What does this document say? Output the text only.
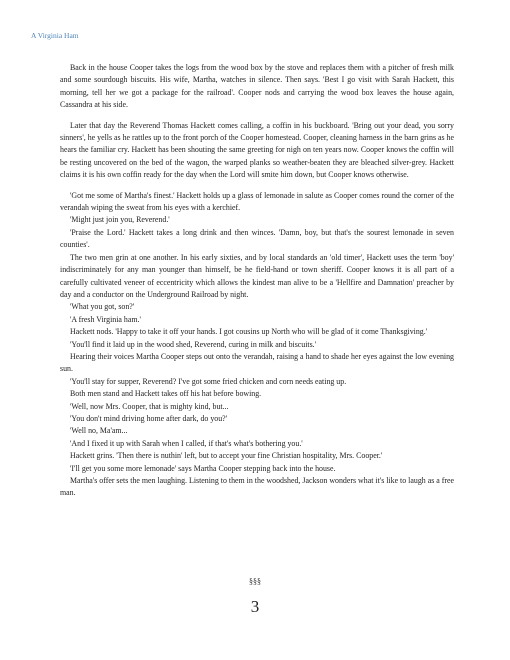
A Virginia Ham

Back in the house Cooper takes the logs from the wood box by the stove and replaces them with a pitcher of fresh milk and some sourdough biscuits. His wife, Martha, watches in silence. Then says. 'Best I go visit with Sarah Hackett, this morning, tell her we got a package for the railroad'. Cooper nods and carrying the wood box leaves the house again, Cassandra at his side.

Later that day the Reverend Thomas Hackett comes calling, a coffin in his buckboard. 'Bring out your dead, you sorry sinners', he yells as he rattles up to the front porch of the Cooper homestead. Cooper, cleaning harness in the barn grins as he hears the familiar cry. Hackett has been shouting the same greeting for nigh on ten years now. Cooper knows the coffin will be resting uncovered on the bed of the wagon, the warped planks so weather-beaten they are bleached silver-grey. Hackett claims it is his own coffin ready for the day when the Lord will smite him down, but Cooper knows otherwise.

'Got me some of Martha's finest.' Hackett holds up a glass of lemonade in salute as Cooper comes round the corner of the verandah wiping the sweat from his eyes with a kerchief.

'Might just join you, Reverend.'

'Praise the Lord.' Hackett takes a long drink and then winces. 'Damn, boy, but that's the sourest lemonade in seven counties'.

The two men grin at one another. In his early sixties, and by local standards an 'old timer', Hackett uses the term 'boy' indiscriminately for any man younger than himself, be he field-hand or town sheriff. Cooper knows it is all part of a carefully cultivated veneer of eccentricity which allows the kindest man alive to be a 'Hellfire and Damnation' preacher by day and a conductor on the Underground Railroad by night.

'What you got, son?'

'A fresh Virginia ham.'

Hackett nods. 'Happy to take it off your hands. I got cousins up North who will be glad of it come Thanksgiving.'

'You'll find it laid up in the wood shed, Reverend, curing in milk and biscuits.'

Hearing their voices Martha Cooper steps out onto the verandah, raising a hand to shade her eyes against the low evening sun.

'You'll stay for supper, Reverend? I've got some fried chicken and corn needs eating up.

Both men stand and Hackett takes off his hat before bowing.

'Well, now Mrs. Cooper, that is mighty kind, but...

'You don't mind driving home after dark, do you?'

'Well no, Ma'am...

'And I fixed it up with Sarah when I called, if that's what's bothering you.'

Hackett grins. 'Then there is nuthin' left, but to accept your fine Christian hospitality, Mrs. Cooper.'

'I'll get you some more lemonade' says Martha Cooper stepping back into the house.

Martha's offer sets the men laughing. Listening to them in the woodshed, Jackson wonders what it's like to laugh as a free man.

§§§
3
